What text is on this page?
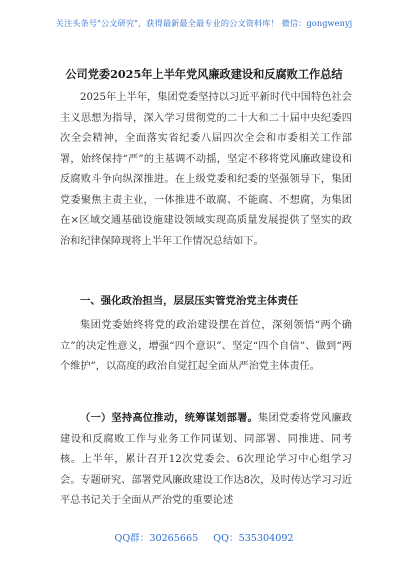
关注头条号"公文研究"，获得最新最全最专业的公文资料库！ 微信：gongwenyj
公司党委2025年上半年党风廉政建设和反腐败工作总结

2025年上半年，集团党委坚持以习近平新时代中国特色社会主义思想为指导，深入学习贯彻党的二十大和二十届中央纪委四次全会精神，全面落实省纪委八届四次全会和市委相关工作部署，始终保持“严”的主基调不动摇，坚定不移将党风廉政建设和反腐败斗争向纵深推进。在上级党委和纪委的坚强领导下，集团党委聚焦主责主业，一体推进不敢腐、不能腐、不想腐，为集团在×区域交通基础设施建设领域实现高质量发展提供了坚实的政治和纪律保障现将上半年工作情况总结如下。

一、强化政治担当，层层压实管党治党主体责任

集团党委始终将党的政治建设摆在首位，深刻领悟“两个确立”的决定性意义，增强“四个意识”、坚定“四个自信”、做到“两个维护”，以高度的政治自觉扛起全面从严治党主体责任。

（一）坚持高位推动，统筹谋划部署。集团党委将党风廉政建设和反腐败工作与业务工作同谋划、同部署、同推进、同考核。上半年，累计召开12次党委会、6次理论学习中心组学习会。专题研究、部署党风廉政建设工作达8次，及时传达学习习近平总书记关于全面从严治党的重要论述

QQ群：30265665 QQ：535304092
